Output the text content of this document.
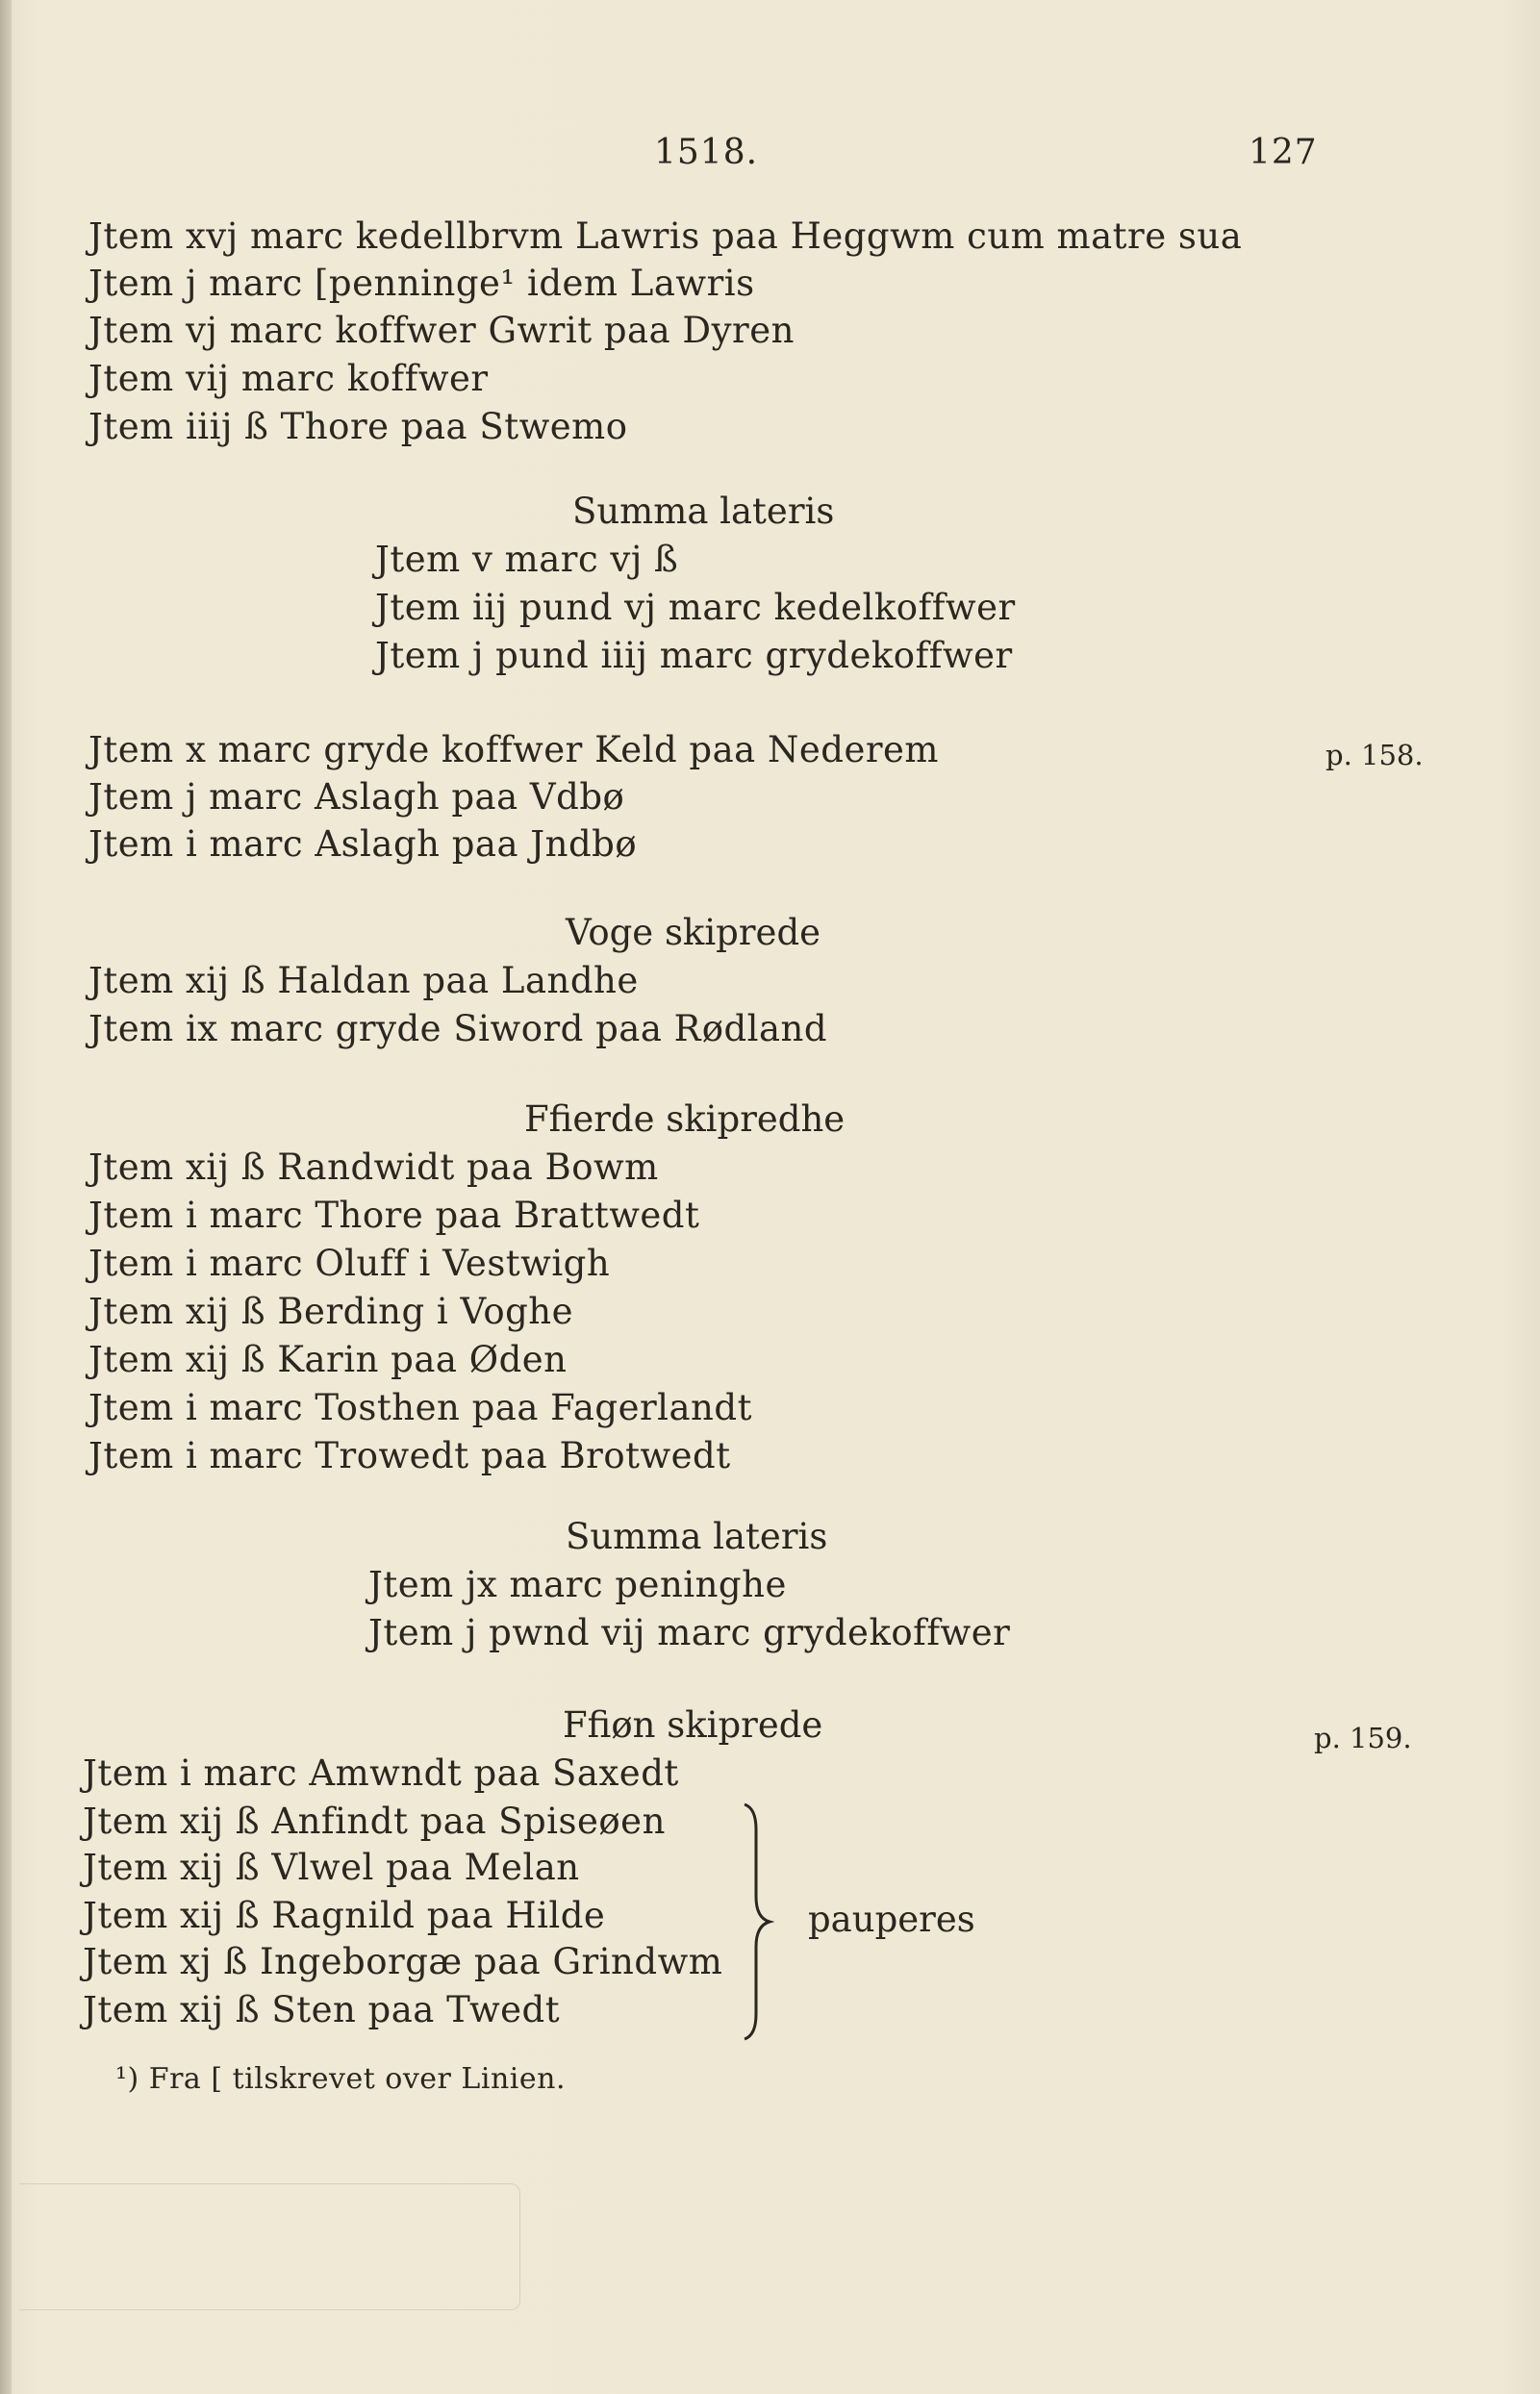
1518.	127
Jtem xvj marc kedellbrvm Lawris paa Heggwm cum matre sua
Jtem j marc [penninge¹ idem Lawris
Jtem vj marc koffwer Gwrit paa Dyren
Jtem vij marc koffwer
Jtem iiij ß Thore paa Stwemo
Summa lateris
Jtem v marc vj ß
Jtem iij pund vj marc kedelkoffwer
Jtem j pund iiij marc grydekoffwer
Jtem x marc gryde koffwer Keld paa Nederem
Jtem j marc Aslagh paa Vdbø
Jtem i marc Aslagh paa Jndbø
p. 158.
Voge skiprede
Jtem xij ß Haldan paa Landhe
Jtem ix marc gryde Siword paa Rødland
Ffierde skipredhe
Jtem xij ß Randwidt paa Bowm
Jtem i marc Thore paa Brattwedt
Jtem i marc Oluff i Vestwigh
Jtem xij ß Berding i Voghe
Jtem xij ß Karin paa Øden
Jtem i marc Tosthen paa Fagerlandt
Jtem i marc Trowedt paa Brotwedt
Summa lateris
Jtem jx marc peninghe
Jtem j pwnd vij marc grydekoffwer
Ffiøn skiprede	p. 159.
Jtem i marc Amwndt paa Saxedt
Jtem xij ß Anfindt paa Spiseøen
Jtem xij ß Vlwel paa Melan
Jtem xij ß Ragnild paa Hilde
Jtem xj ß Ingeborgæ paa Grindwm
Jtem xij ß Sten paa Twedt
pauperes
¹) Fra [ tilskrevet over Linien.
